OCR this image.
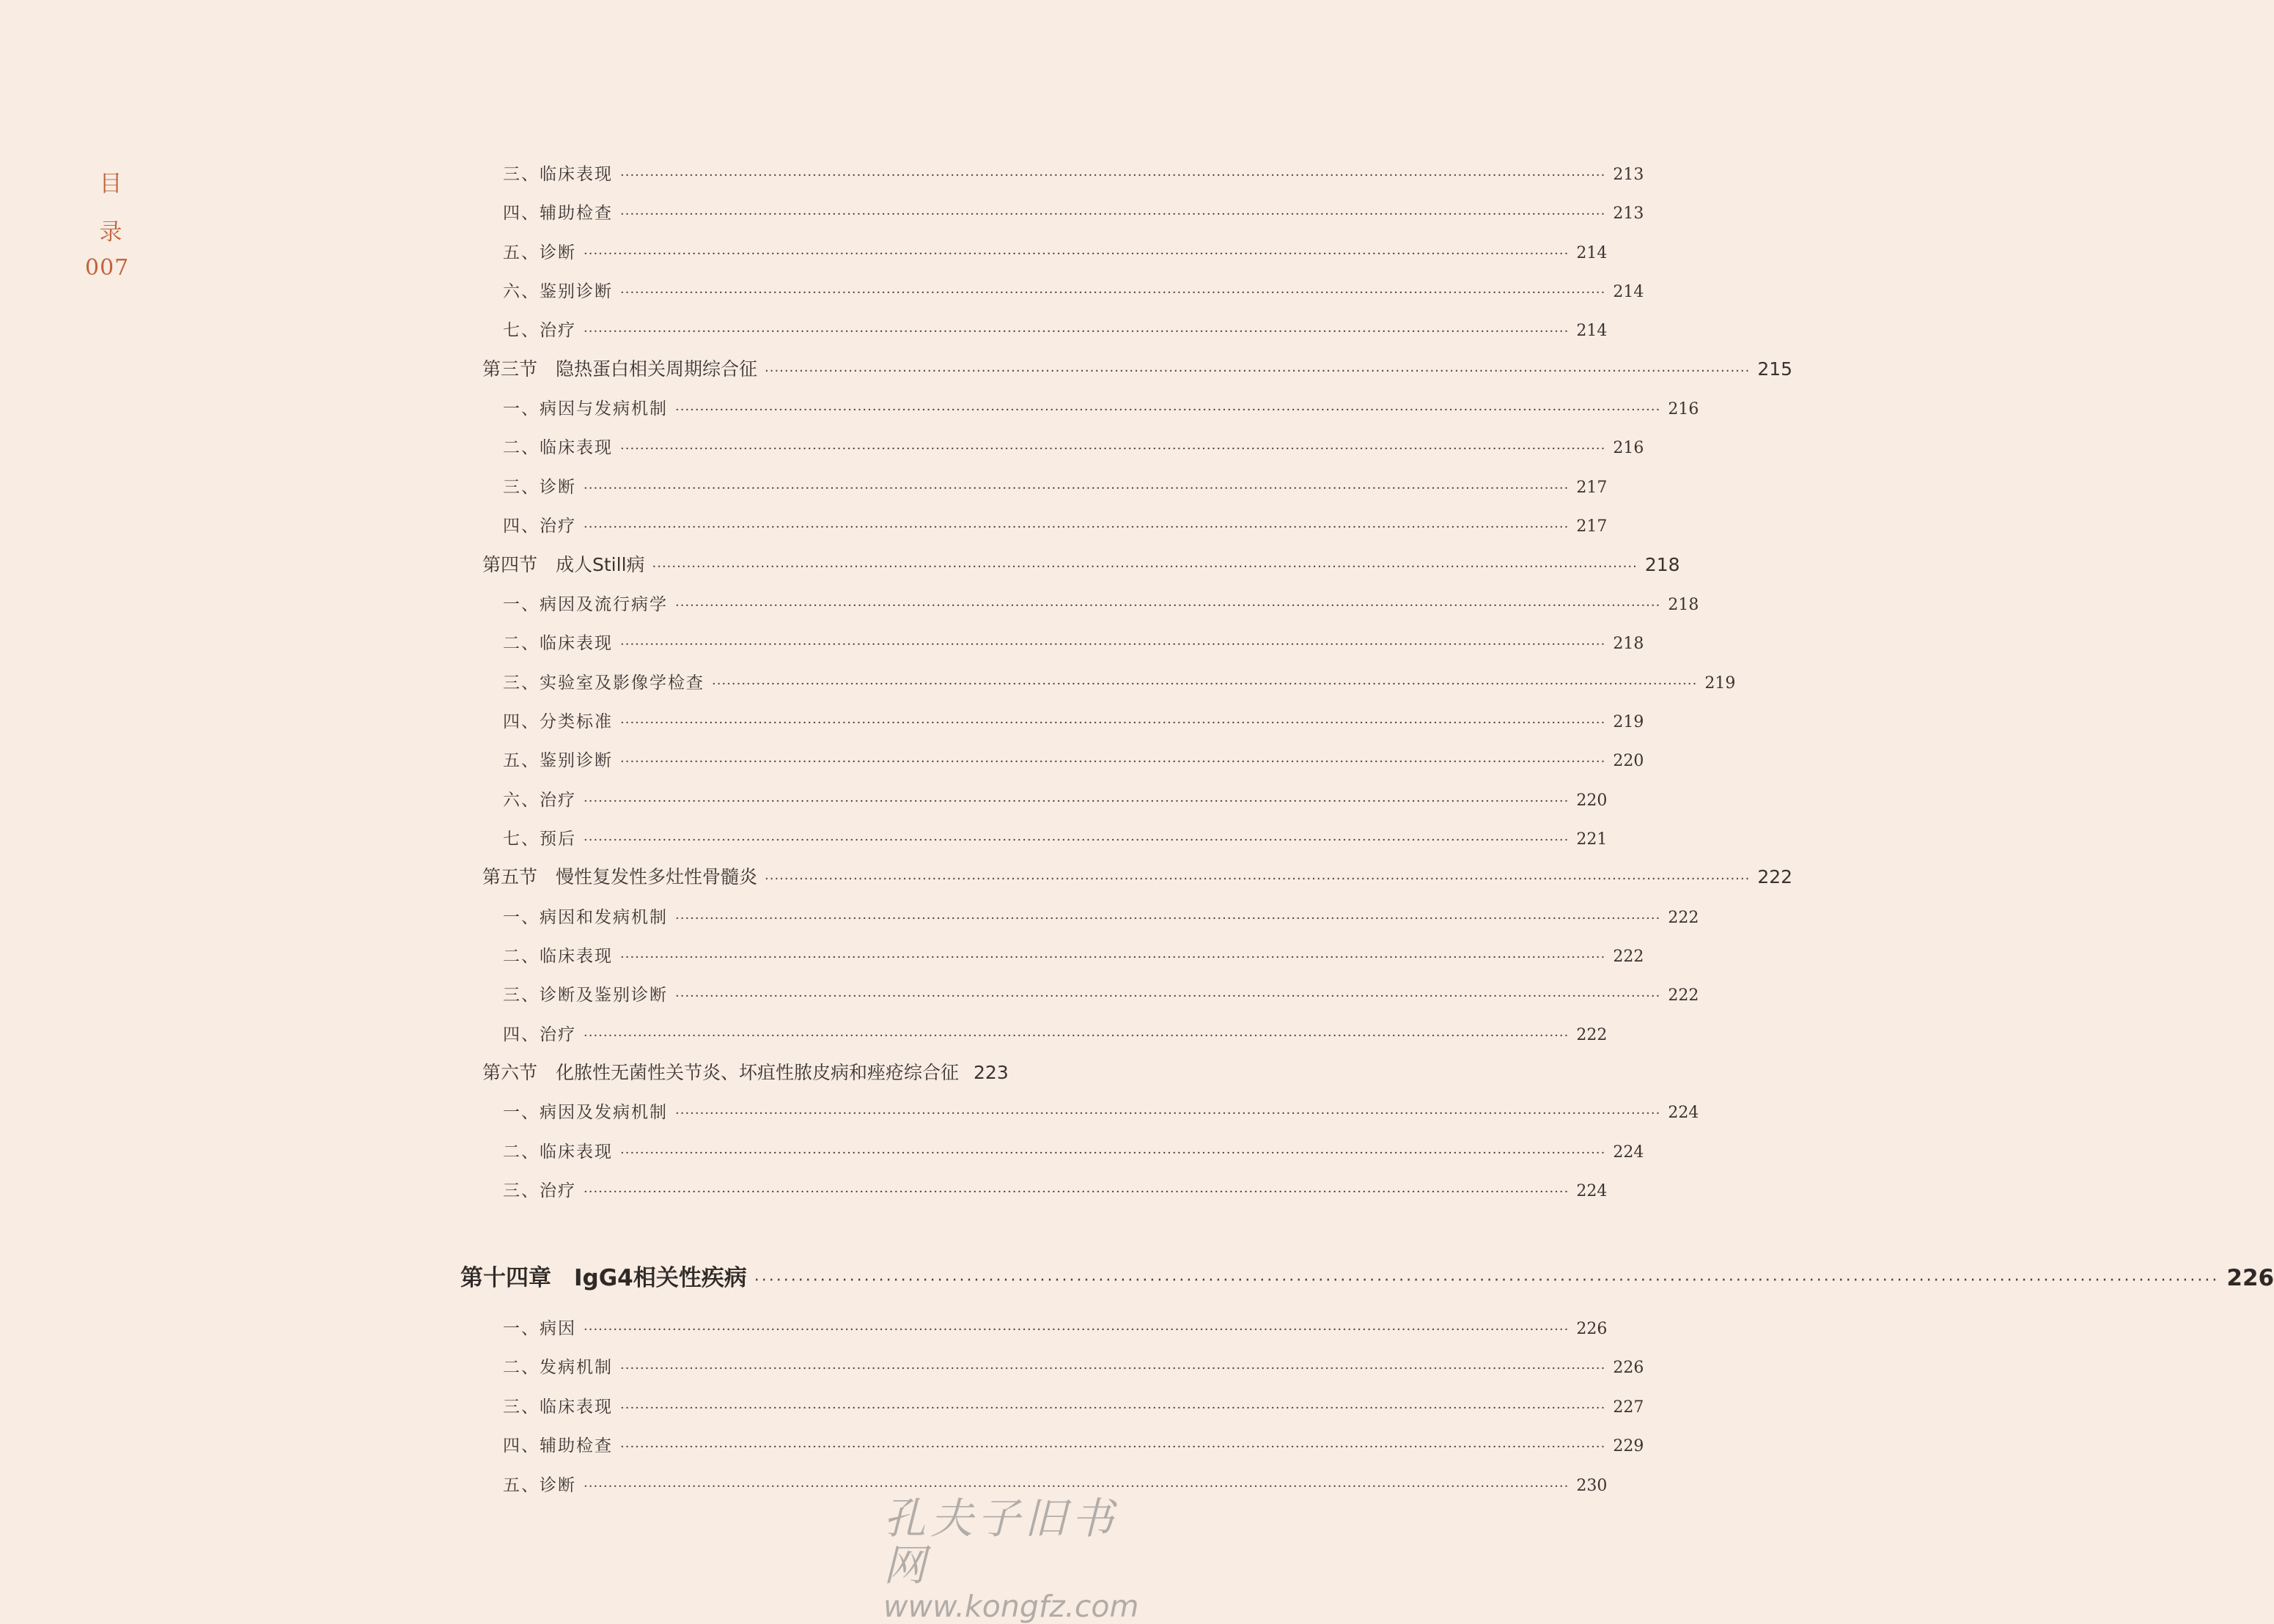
目
录
007
三、临床表现 ········································································································································································································ 213
四、辅助检查 ········································································································································································································ 213
五、诊断 ········································································································································································································ 214
六、鉴别诊断 ········································································································································································································ 214
七、治疗 ········································································································································································································ 214
第三节　隐热蛋白相关周期综合征 ········································································································································································································ 215
一、病因与发病机制 ········································································································································································································ 216
二、临床表现 ········································································································································································································ 216
三、诊断 ········································································································································································································ 217
四、治疗 ········································································································································································································ 217
第四节　成人Still病 ········································································································································································································ 218
一、病因及流行病学 ········································································································································································································ 218
二、临床表现 ········································································································································································································ 218
三、实验室及影像学检查 ········································································································································································································ 219
四、分类标准 ········································································································································································································ 219
五、鉴别诊断 ········································································································································································································ 220
六、治疗 ········································································································································································································ 220
七、预后 ········································································································································································································ 221
第五节　慢性复发性多灶性骨髓炎 ········································································································································································································ 222
一、病因和发病机制 ········································································································································································································ 222
二、临床表现 ········································································································································································································ 222
三、诊断及鉴别诊断 ········································································································································································································ 222
四、治疗 ········································································································································································································ 222
第六节　化脓性无菌性关节炎、坏疽性脓皮病和痤疮综合征 223
一、病因及发病机制 ········································································································································································································ 224
二、临床表现 ········································································································································································································ 224
三、治疗 ········································································································································································································ 224
第十四章　IgG4相关性疾病 ········································································································································································································ 226
一、病因 ········································································································································································································ 226
二、发病机制 ········································································································································································································ 226
三、临床表现 ········································································································································································································ 227
四、辅助检查 ········································································································································································································ 229
五、诊断 ········································································································································································································ 230
孔夫子旧书网
www.kongfz.com
